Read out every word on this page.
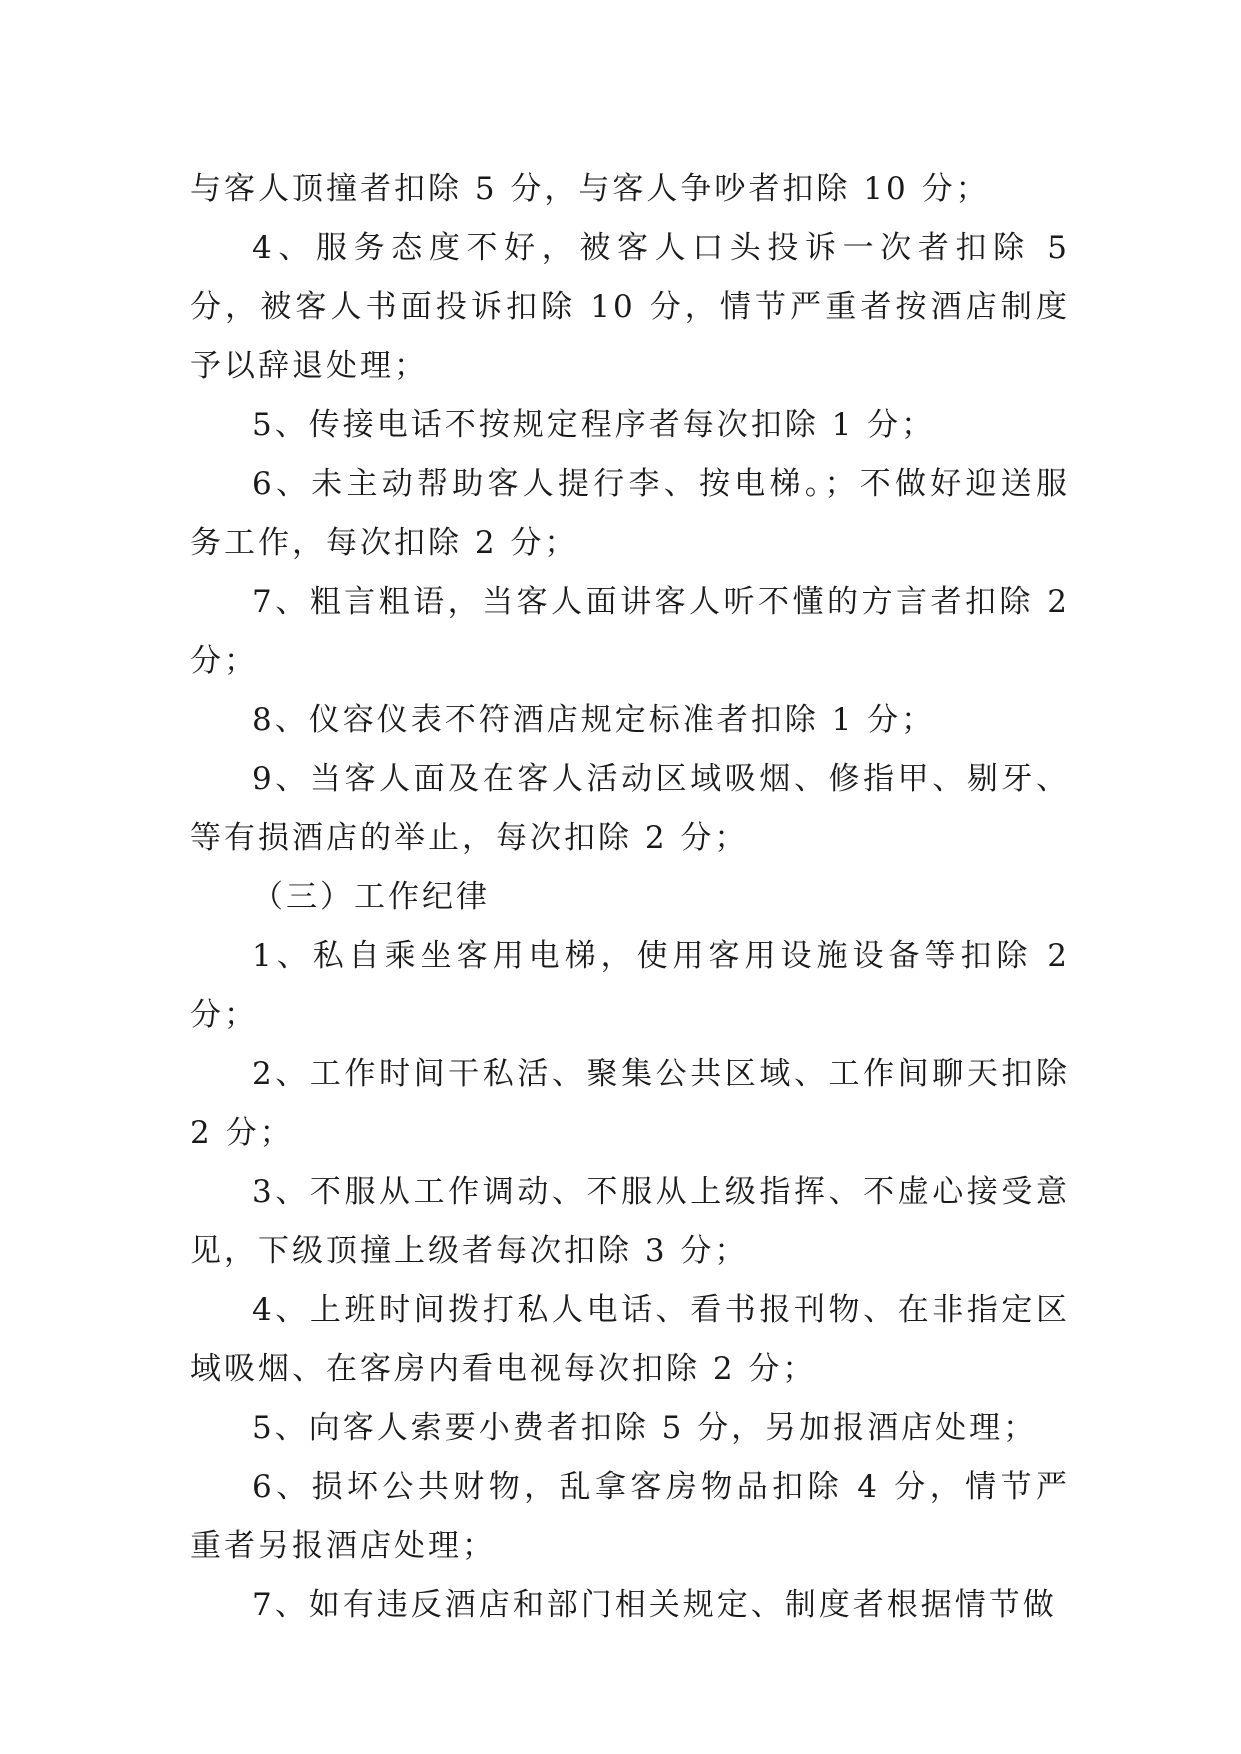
与客人顶撞者扣除 5 分，与客人争吵者扣除 10 分；

4、服务态度不好，被客人口头投诉一次者扣除 5 分，被客人书面投诉扣除 10 分，情节严重者按酒店制度予以辞退处理；

5、传接电话不按规定程序者每次扣除 1 分；

6、未主动帮助客人提行李、按电梯。；不做好迎送服务工作，每次扣除 2 分；

7、粗言粗语，当客人面讲客人听不懂的方言者扣除 2 分；

8、仪容仪表不符酒店规定标准者扣除 1 分；

9、当客人面及在客人活动区域吸烟、修指甲、剔牙、等有损酒店的举止，每次扣除 2 分；

（三）工作纪律

1、私自乘坐客用电梯，使用客用设施设备等扣除 2 分；

2、工作时间干私活、聚集公共区域、工作间聊天扣除 2 分；

3、不服从工作调动、不服从上级指挥、不虚心接受意见，下级顶撞上级者每次扣除 3 分；

4、上班时间拨打私人电话、看书报刊物、在非指定区域吸烟、在客房内看电视每次扣除 2 分；

5、向客人索要小费者扣除 5 分，另加报酒店处理；

6、损坏公共财物，乱拿客房物品扣除 4 分，情节严重者另报酒店处理；

7、如有违反酒店和部门相关规定、制度者根据情节做
